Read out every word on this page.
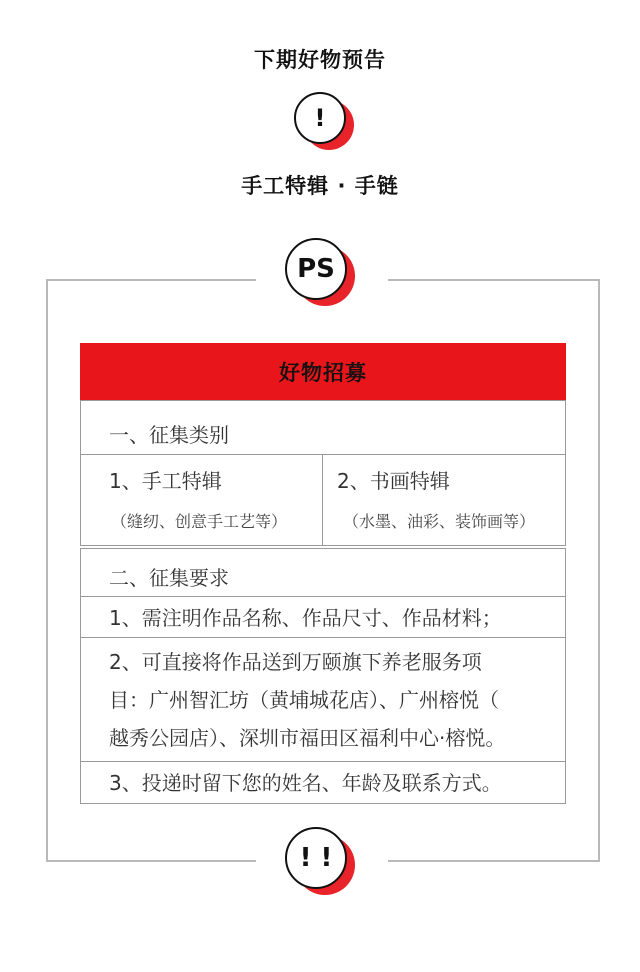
下期好物预告
!
手工特辑 · 手链
PS
好物招募
一、征集类别
1、手工特辑
（缝纫、创意手工艺等）
2、书画特辑
（水墨、油彩、装饰画等）
二、征集要求
1、需注明作品名称、作品尺寸、作品材料；
2、可直接将作品送到万颐旗下养老服务项
目：广州智汇坊（黄埔城花店）、广州榕悦（
越秀公园店）、深圳市福田区福利中心·榕悦。
3、投递时留下您的姓名、年龄及联系方式。
! !
